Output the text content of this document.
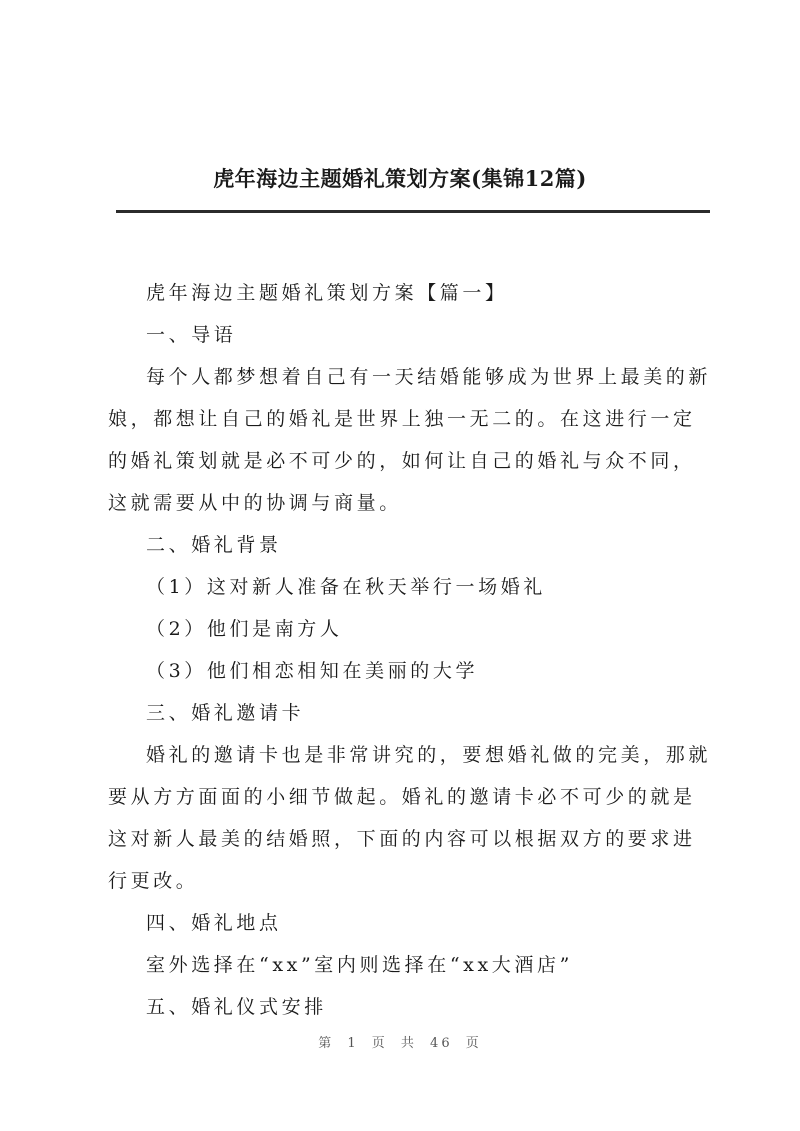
虎年海边主题婚礼策划方案(集锦12篇)

虎年海边主题婚礼策划方案【篇一】

一、导语

每个人都梦想着自己有一天结婚能够成为世界上最美的新娘，都想让自己的婚礼是世界上独一无二的。在这进行一定的婚礼策划就是必不可少的，如何让自己的婚礼与众不同，这就需要从中的协调与商量。

二、婚礼背景

（1）这对新人准备在秋天举行一场婚礼

（2）他们是南方人

（3）他们相恋相知在美丽的大学

三、婚礼邀请卡

婚礼的邀请卡也是非常讲究的，要想婚礼做的完美，那就要从方方面面的小细节做起。婚礼的邀请卡必不可少的就是这对新人最美的结婚照，下面的内容可以根据双方的要求进行更改。

四、婚礼地点

室外选择在“xx”室内则选择在“xx大酒店”

五、婚礼仪式安排

第 1 页 共 46 页
